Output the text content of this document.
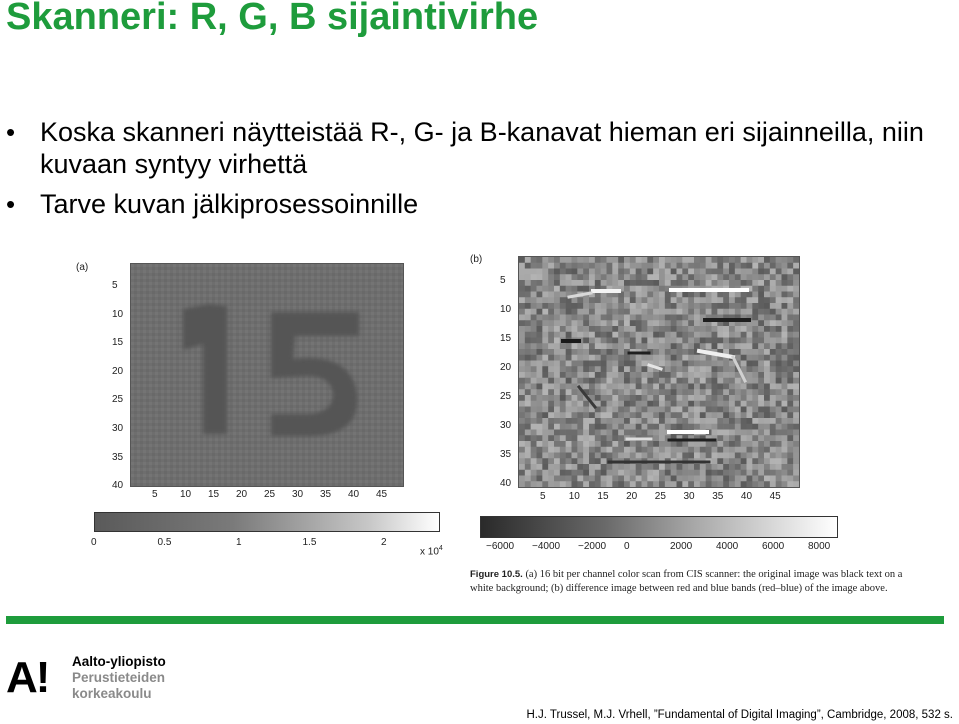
Skanneri: R, G, B sijaintivirhe
• Koska skanneri näytteistää R-, G- ja B-kanavat hieman eri sijainneilla, niin kuvaan syntyy virhettä
• Tarve kuvan jälkiprosessoinnille
(a)
5
10
15
20
25
30
35
40
5 10 15 20 25 30 35 40 45
0	0.5	1	1.5	2
x $10^4$
(b)
5
10
15
20
25
30
35
40
5 10 15 20 25 30 35 40 45
−6000 −4000 −2000 0	2000 4000 6000 8000
Figure 10.5. (a) 16 bit per channel color scan from CIS scanner: the original image was black text on a white background; (b) difference image between red and blue bands (red–blue) of the image above.
A! Aalto-yliopisto
Perustieteiden
korkeakoulu
H.J. Trussel, M.J. Vrhell, ”Fundamental of Digital Imaging”, Cambridge, 2008, 532 s.
